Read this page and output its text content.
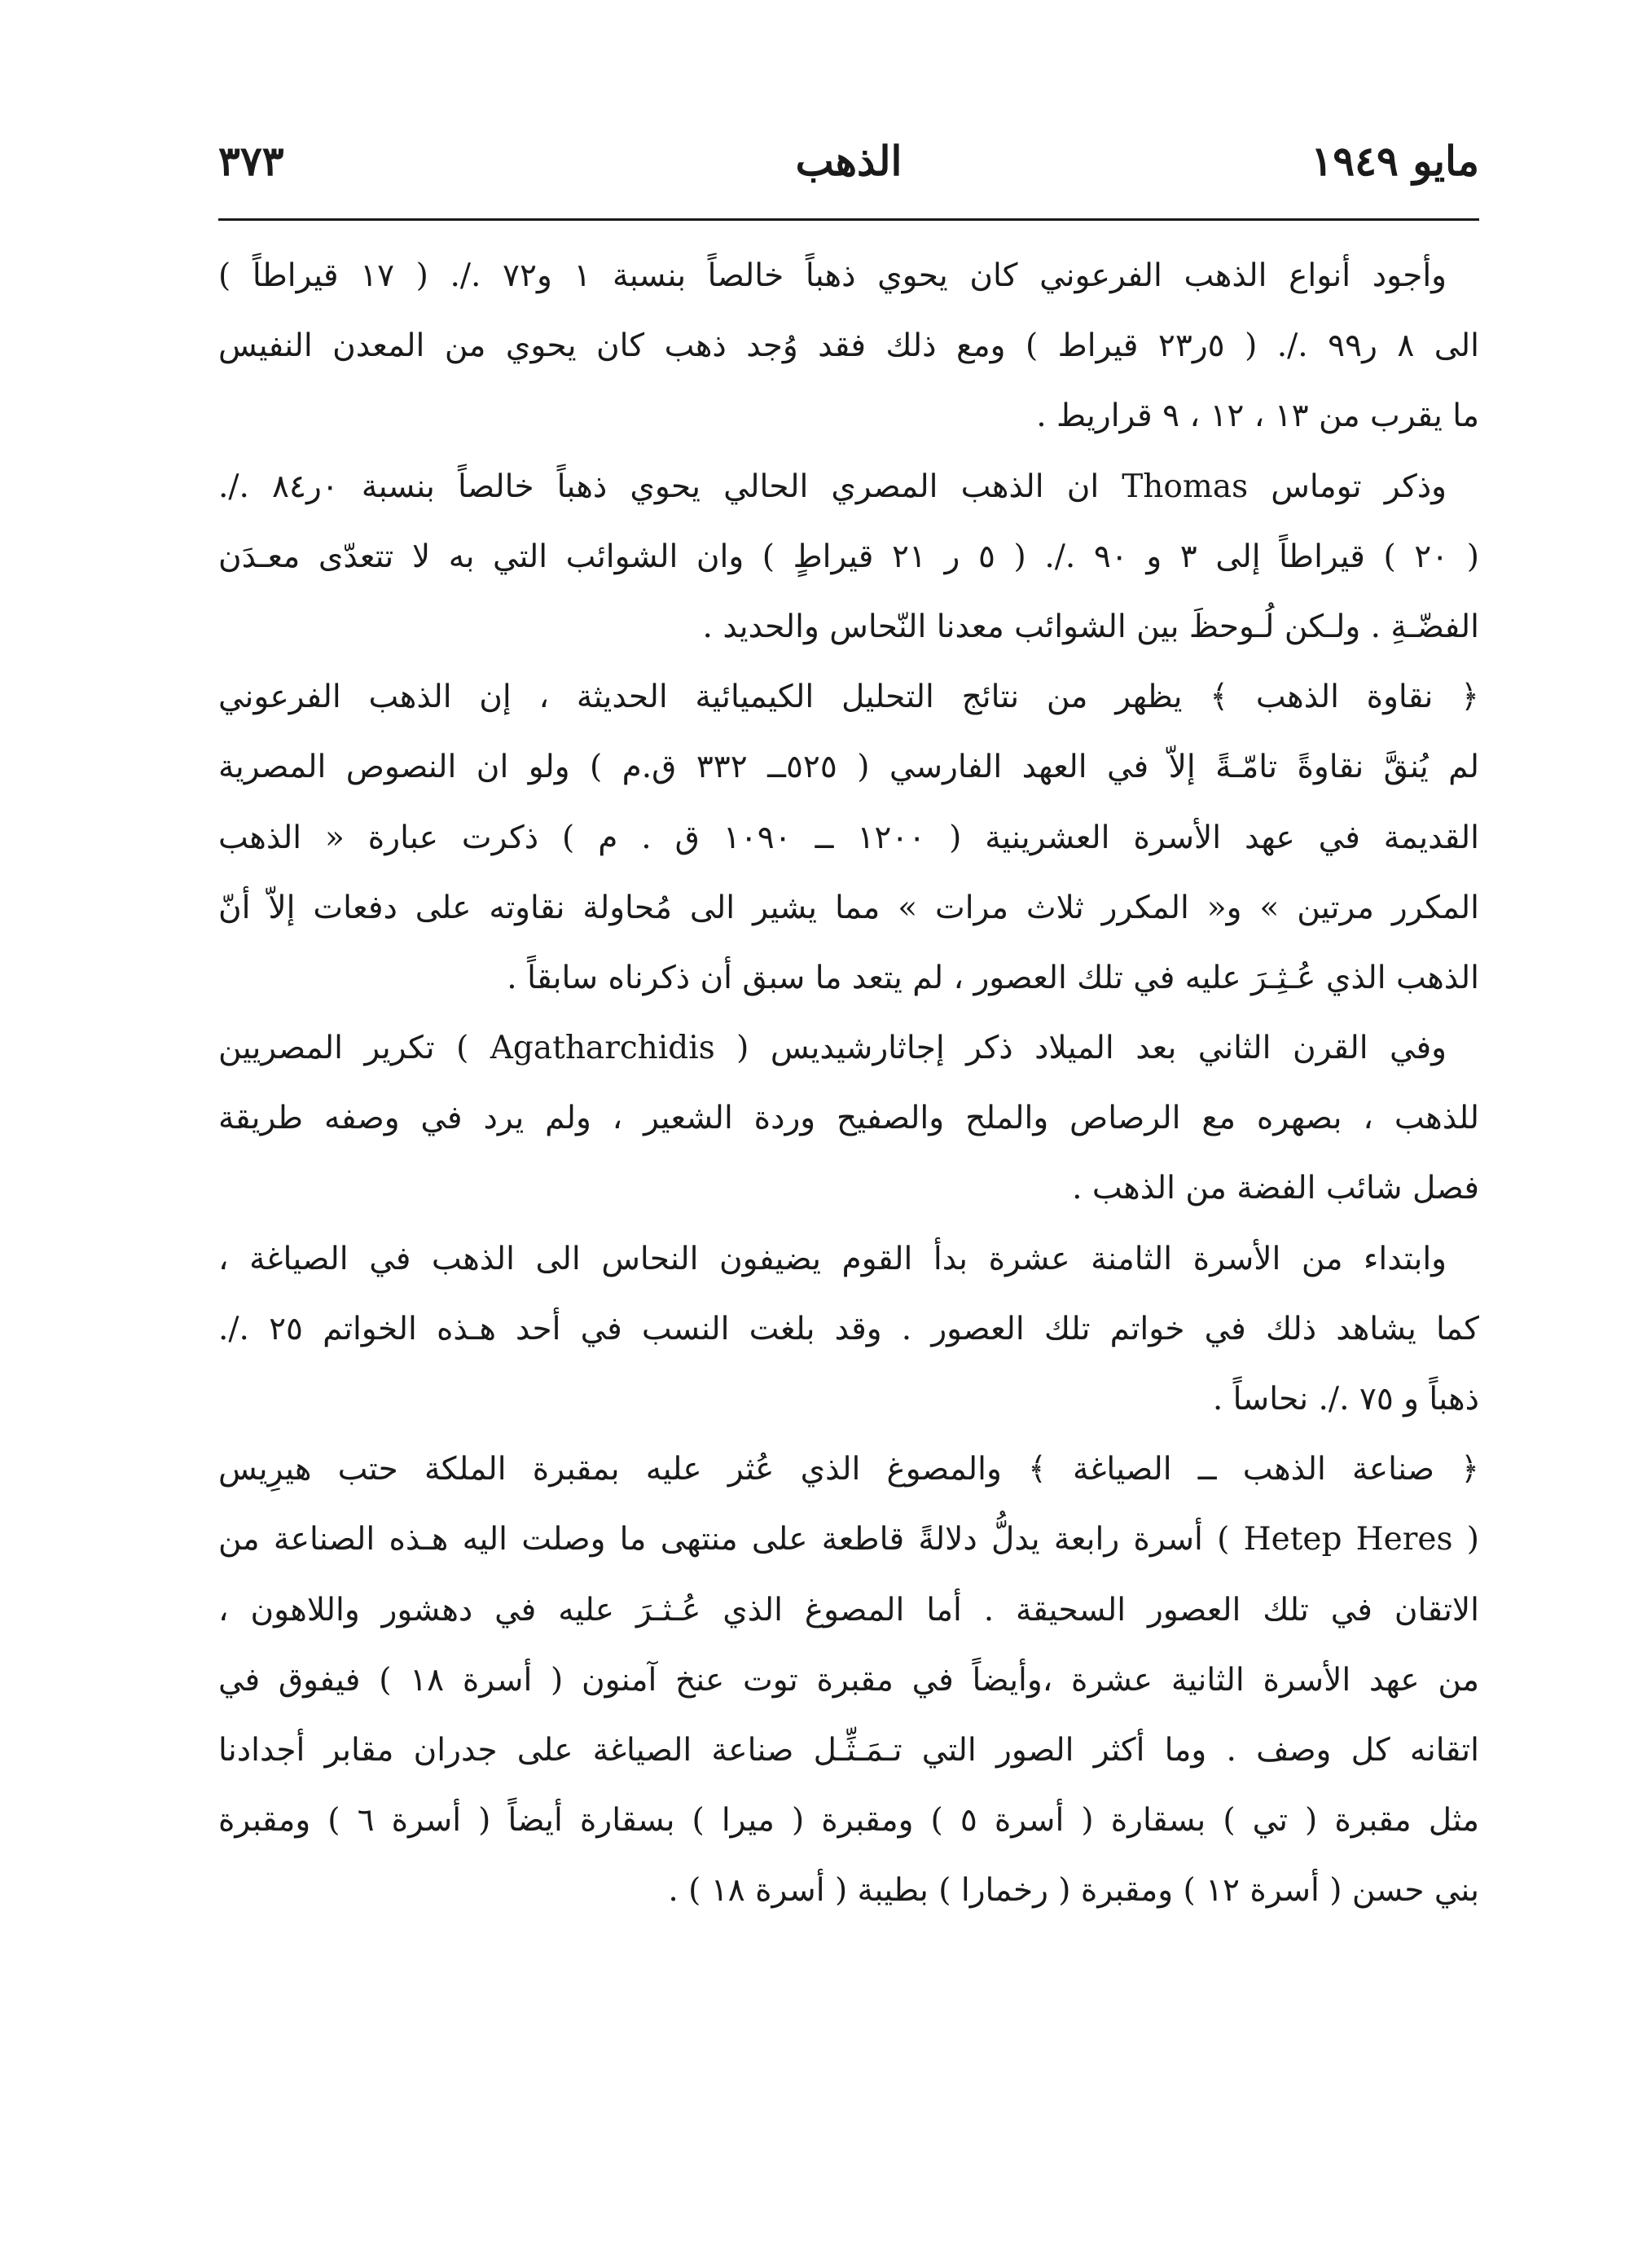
مايو ١٩٤٩
الذهب
٣٧٣
وأجود أنواع الذهب الفرعوني كان يحوي ذهباً خالصاً بنسبة ١ و٧٢ ./. ( ١٧ قيراطاً )
الى ٨ ر٩٩ ./. ( ٥ر٢٣ قيراط ) ومع ذلك فقد وُجد ذهب كان يحوي من المعدن النفيس
ما يقرب من ١٣ ، ١٢ ، ٩ قراريط .
وذكر توماس Thomas ان الذهب المصري الحالي يحوي ذهباً خالصاً بنسبة ٠ر٨٤ ./.
( ٢٠ ) قيراطاً إلى ٣ و ٩٠ ./. ( ٥ ر ٢١ قيراطٍ ) وان الشوائب التي به لا تتعدّى معـدَن
الفضّـةِ . ولـكن لُـوحظَ بين الشوائب معدنا النّحاس والحديد .
﴿ نقاوة الذهب ﴾ يظهر من نتائج التحليل الكيميائية الحديثة ، إن الذهب الفرعوني
لم يُنقَّ نقاوةً تامّـةً إلاّ في العهد الفارسي ( ٥٢٥ــ ٣٣٢ ق.م ) ولو ان النصوص المصرية
القديمة في عهد الأسرة العشرينية ( ١٢٠٠ ــ ١٠٩٠ ق . م ) ذكرت عبارة « الذهب
المكرر مرتين » و« المكرر ثلاث مرات » مما يشير الى مُحاولة نقاوته على دفعات إلاّ أنّ
الذهب الذي عُـثِـرَ عليه في تلك العصور ، لم يتعد ما سبق أن ذكرناه سابقاً .
وفي القرن الثاني بعد الميلاد ذكر إجاثارشيديس ( Agatharchidis ) تكرير المصريين
للذهب ، بصهره مع الرصاص والملح والصفيح وردة الشعير ، ولم يرد في وصفه طريقة
فصل شائب الفضة من الذهب .
وابتداء من الأسرة الثامنة عشرة بدأ القوم يضيفون النحاس الى الذهب في الصياغة ،
كما يشاهد ذلك في خواتم تلك العصور . وقد بلغت النسب في أحد هـذه الخواتم ٢٥ ./.
ذهباً و ٧٥ ./. نحاساً .
﴿ صناعة الذهب ــ الصياغة ﴾ والمصوغ الذي عُثر عليه بمقبرة الملكة حتب هيرِيس
( Hetep Heres ) أسرة رابعة يدلُّ دلالةً قاطعة على منتهى ما وصلت اليه هـذه الصناعة من
الاتقان في تلك العصور السحيقة . أما المصوغ الذي عُـثـرَ عليه في دهشور واللاهون ،
من عهد الأسرة الثانية عشرة ،وأيضاً في مقبرة توت عنخ آمنون ( أسرة ١٨ ) فيفوق في
اتقانه كل وصف . وما أكثر الصور التي تـمَـثِّـل صناعة الصياغة على جدران مقابر أجدادنا
مثل مقبرة ( تي ) بسقارة ( أسرة ٥ ) ومقبرة ( ميرا ) بسقارة أيضاً ( أسرة ٦ ) ومقبرة
بني حسن ( أسرة ١٢ ) ومقبرة ( رخمارا ) بطيبة ( أسرة ١٨ ) .
